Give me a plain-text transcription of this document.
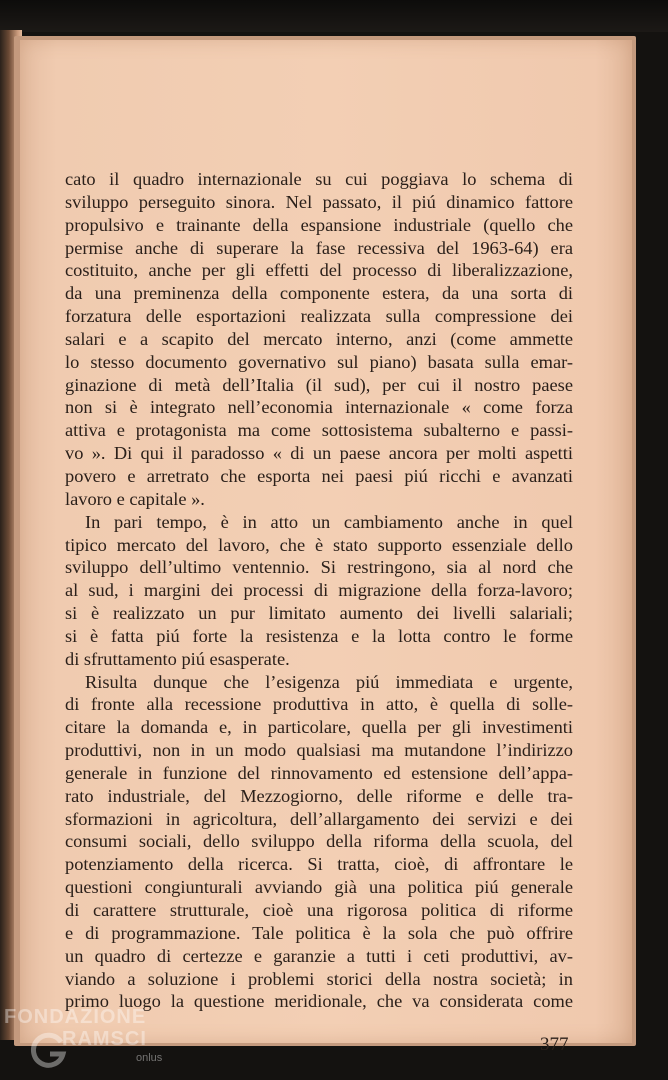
cato il quadro internazionale su cui poggiava lo schema di
sviluppo perseguito sinora. Nel passato, il piú dinamico fattore
propulsivo e trainante della espansione industriale (quello che
permise anche di superare la fase recessiva del 1963-64) era
costituito, anche per gli effetti del processo di liberalizzazione,
da una preminenza della componente estera, da una sorta di
forzatura delle esportazioni realizzata sulla compressione dei
salari e a scapito del mercato interno, anzi (come ammette
lo stesso documento governativo sul piano) basata sulla emar-
ginazione di metà dell’Italia (il sud), per cui il nostro paese
non si è integrato nell’economia internazionale « come forza
attiva e protagonista ma come sottosistema subalterno e passi-
vo ». Di qui il paradosso « di un paese ancora per molti aspetti
povero e arretrato che esporta nei paesi piú ricchi e avanzati
lavoro e capitale ».
In pari tempo, è in atto un cambiamento anche in quel
tipico mercato del lavoro, che è stato supporto essenziale dello
sviluppo dell’ultimo ventennio. Si restringono, sia al nord che
al sud, i margini dei processi di migrazione della forza-lavoro;
si è realizzato un pur limitato aumento dei livelli salariali;
si è fatta piú forte la resistenza e la lotta contro le forme
di sfruttamento piú esasperate.
Risulta dunque che l’esigenza piú immediata e urgente,
di fronte alla recessione produttiva in atto, è quella di solle-
citare la domanda e, in particolare, quella per gli investimenti
produttivi, non in un modo qualsiasi ma mutandone l’indirizzo
generale in funzione del rinnovamento ed estensione dell’appa-
rato industriale, del Mezzogiorno, delle riforme e delle tra-
sformazioni in agricoltura, dell’allargamento dei servizi e dei
consumi sociali, dello sviluppo della riforma della scuola, del
potenziamento della ricerca. Si tratta, cioè, di affrontare le
questioni congiunturali avviando già una politica piú generale
di carattere strutturale, cioè una rigorosa politica di riforme
e di programmazione. Tale politica è la sola che può offrire
un quadro di certezze e garanzie a tutti i ceti produttivi, av-
viando a soluzione i problemi storici della nostra società; in
primo luogo la questione meridionale, che va considerata come
377
FONDAZIONE
RAMSCI
onlus
